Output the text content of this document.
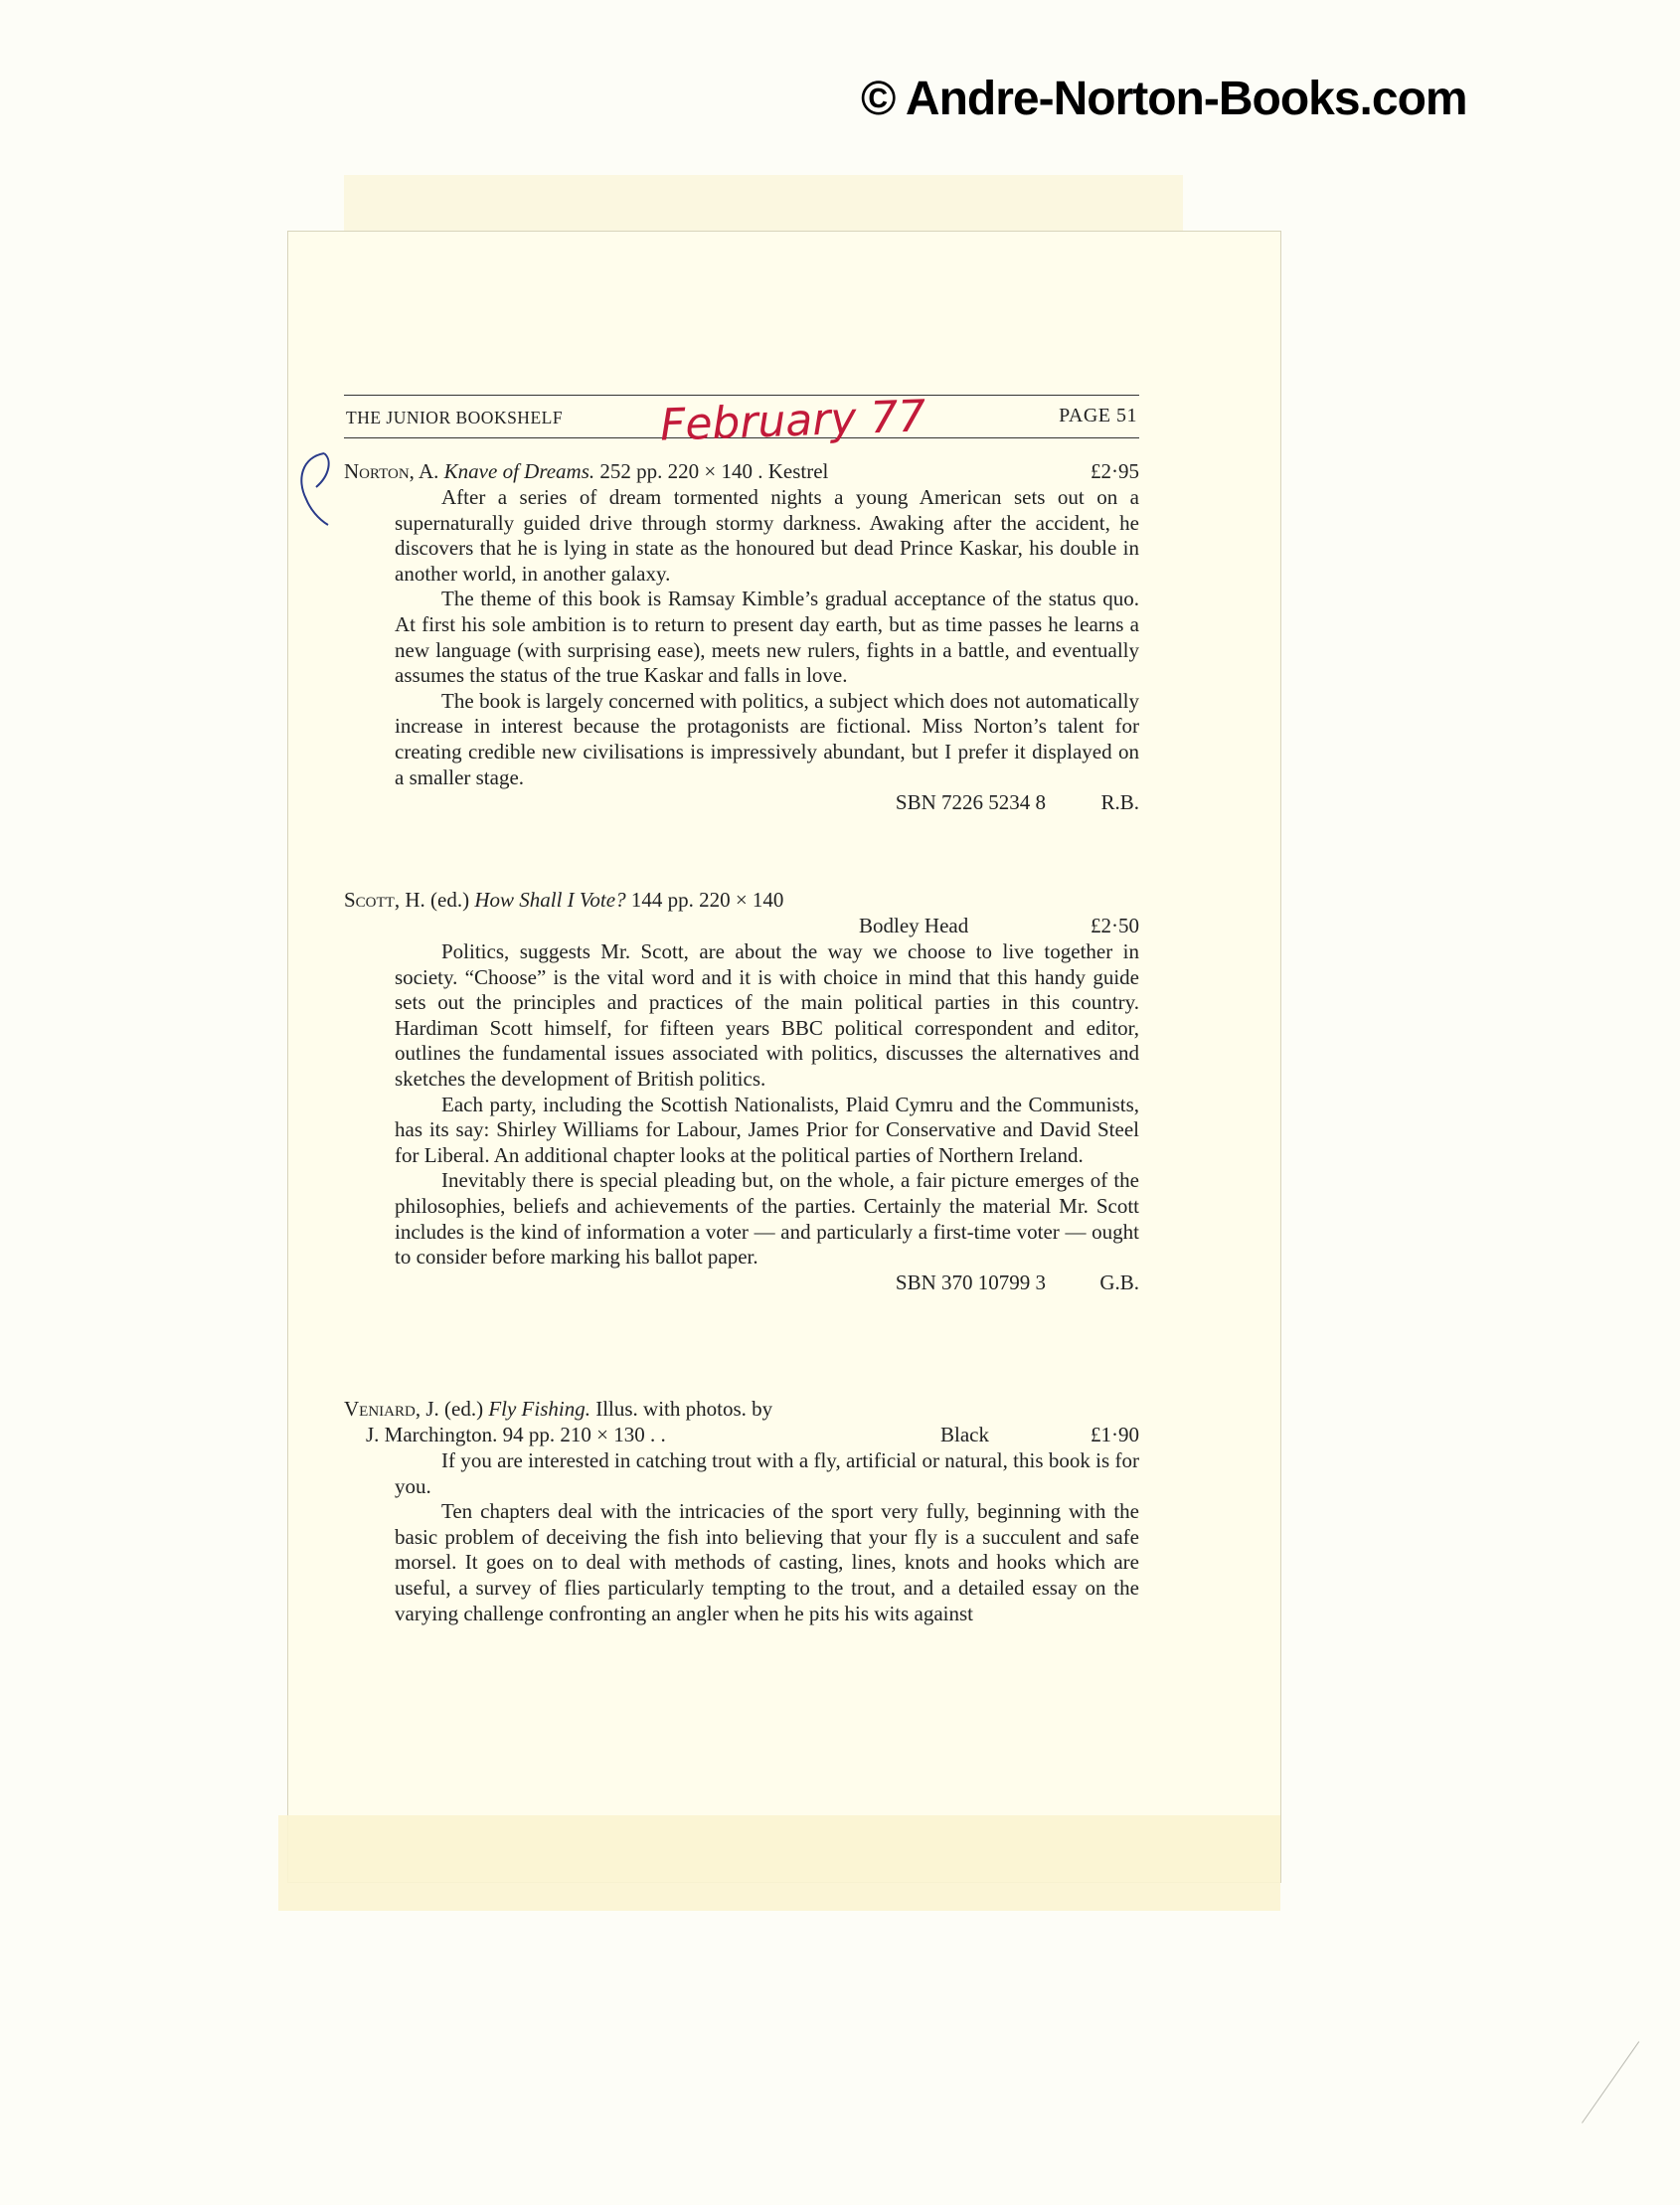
© Andre-Norton-Books.com
THE JUNIOR BOOKSHELF	PAGE 51
February 77
Norton, A. Knave of Dreams. 252 pp. 220 × 140 . Kestrel	£2·95

After a series of dream tormented nights a young American sets out on a supernaturally guided drive through stormy darkness. Awaking after the accident, he discovers that he is lying in state as the honoured but dead Prince Kaskar, his double in another world, in another galaxy.

The theme of this book is Ramsay Kimble’s gradual acceptance of the status quo. At first his sole ambition is to return to present day earth, but as time passes he learns a new language (with surprising ease), meets new rulers, fights in a battle, and eventually assumes the status of the true Kaskar and falls in love.

The book is largely concerned with politics, a subject which does not automatically increase in interest because the protagonists are fictional. Miss Norton’s talent for creating credible new civilisations is impressively abundant, but I prefer it displayed on a smaller stage.

SBN 7226 5234 8	R.B.
Scott, H. (ed.) How Shall I Vote? 144 pp. 220 × 140
Bodley Head	£2·50

Politics, suggests Mr. Scott, are about the way we choose to live together in society. “Choose” is the vital word and it is with choice in mind that this handy guide sets out the principles and practices of the main political parties in this country. Hardiman Scott himself, for fifteen years BBC political correspondent and editor, outlines the fundamental issues associated with politics, discusses the alternatives and sketches the development of British politics.

Each party, including the Scottish Nationalists, Plaid Cymru and the Communists, has its say: Shirley Williams for Labour, James Prior for Conservative and David Steel for Liberal. An additional chapter looks at the political parties of Northern Ireland.

Inevitably there is special pleading but, on the whole, a fair picture emerges of the philosophies, beliefs and achievements of the parties. Certainly the material Mr. Scott includes is the kind of information a voter — and particularly a first-time voter — ought to consider before marking his ballot paper.

SBN 370 10799 3	G.B.
Veniard, J. (ed.) Fly Fishing. Illus. with photos. by
J. Marchington. 94 pp. 210 × 130 . .	Black	£1·90

If you are interested in catching trout with a fly, artificial or natural, this book is for you.

Ten chapters deal with the intricacies of the sport very fully, beginning with the basic problem of deceiving the fish into believing that your fly is a succulent and safe morsel. It goes on to deal with methods of casting, lines, knots and hooks which are useful, a survey of flies particularly tempting to the trout, and a detailed essay on the varying challenge confronting an angler when he pits his wits against
